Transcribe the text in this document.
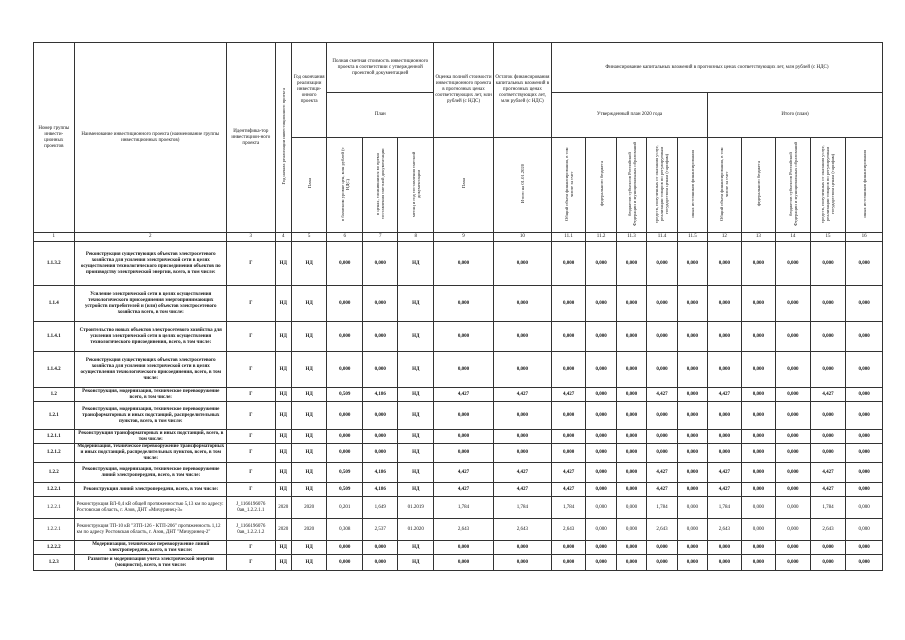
Номер группы инвести-ционных проектов	Наименование инвестиционного проекта (наименование группы инвестиционных проектов)	Идентифика-тор инвестицион-ного проекта	Год начала реализации инвестиционного проекта	Год окончания реализации инвестици-онного проекта	Полная сметная стоимость инвестиционного проекта в соответствии с утвержденной проектной документацией			Оценка полной стоимости инвестиционного проекта в прогнозных ценах соответствующих лет, млн рублей (с НДС)	Остаток финансирования капитальных вложений в прогнозных ценах соответствующих лет, млн рублей (с НДС)	Финансирование капитальных вложений в прогнозных ценах соответствующих лет, млн рублей (с НДС)									
					План					Утвержденный план 2020 года					Итого (план)				
				План	в базисном уровне цен, млн рублей (с НДС)	в ценах, сложившихся во время составления сметной документации	месяц и год составления сметной документации	План	Итого на 01.01.2020	Общий объем финансирования, в том числе за счет	федерального бюджета	бюджетов субъектов Российской Федерации и муниципальных образований	средств, полученных от оказания услуг, реализации товаров по регулируемым государством ценам (тарифам)	иных источников финансирования	Общий объем финансирования, в том числе за счет	федерального бюджета	бюджетов субъектов Российской Федерации и муниципальных образований	средств, полученных от оказания услуг, реализации товаров по регулируемым государством ценам (тарифам)	иных источников финансирования
1	2	3	4	5	6	7	8	9	10	11.1	11.2	11.3	11.4	11.5	12	13	14	15	16
1.1.3.2	Реконструкция существующих объектов электросетевого хозяйства для усиления электрической сети в целях осуществления технологического присоединения объектов по производству электрической энергии, всего, в том числе:	Г	НД	НД	0,000	0,000	НД	0,000	0,000	0,000	0,000	0,000	0,000	0,000	0,000	0,000	0,000	0,000	0,000
1.1.4	Усиление электрической сети в целях осуществления технологического присоединения энергопринимающих устройств потребителей и (или) объектов электросетевого хозяйства всего, в том числе:	Г	НД	НД	0,000	0,000	НД	0,000	0,000	0,000	0,000	0,000	0,000	0,000	0,000	0,000	0,000	0,000	0,000
1.1.4.1	Строительство новых объектов электросетевого хозяйства для усиления электрической сети в целях осуществления технологического присоединения, всего, в том числе:	Г	НД	НД	0,000	0,000	НД	0,000	0,000	0,000	0,000	0,000	0,000	0,000	0,000	0,000	0,000	0,000	0,000
1.1.4.2	Реконструкция существующих объектов электросетевого хозяйства для усиления электрической сети в целях осуществления технологического присоединения, всего, в том числе:	Г	НД	НД	0,000	0,000	НД	0,000	0,000	0,000	0,000	0,000	0,000	0,000	0,000	0,000	0,000	0,000	0,000
1.2	Реконструкция, модернизация, техническое перевооружение всего, в том числе:	Г	НД	НД	0,509	4,186	НД	4,427	4,427	4,427	0,000	0,000	4,427	0,000	4,427	0,000	0,000	4,427	0,000
1.2.1	Реконструкция, модернизация, техническое перевооружение трансформаторных и иных подстанций, распределительных пунктов, всего, в том числе:	Г	НД	НД	0,000	0,000	НД	0,000	0,000	0,000	0,000	0,000	0,000	0,000	0,000	0,000	0,000	0,000	0,000
1.2.1.1	Реконструкция трансформаторных и иных подстанций, всего, в том числе:	Г	НД	НД	0,000	0,000	НД	0,000	0,000	0,000	0,000	0,000	0,000	0,000	0,000	0,000	0,000	0,000	0,000
1.2.1.2	Модернизация, техническое перевооружение трансформаторных и иных подстанций, распределительных пунктов, всего, в том числе:	Г	НД	НД	0,000	0,000	НД	0,000	0,000	0,000	0,000	0,000	0,000	0,000	0,000	0,000	0,000	0,000	0,000
1.2.2	Реконструкция, модернизация, техническое перевооружение линий электропередачи, всего, в том числе:	Г	НД	НД	0,509	4,186	НД	4,427	4,427	4,427	0,000	0,000	4,427	0,000	4,427	0,000	0,000	4,427	0,000
1.2.2.1	Реконструкция линий электропередачи, всего, в том числе:	Г	НД	НД	0,509	4,186	НД	4,427	4,427	4,427	0,000	0,000	4,427	0,000	4,427	0,000	0,000	4,427	0,000
1.2.2.1	Реконструкция ВЛ-0,4 кВ общей протяженностью 5,13 км по адресу: Ростовская область, г. Азов, ДНТ «Мичуринец-3»	J_1166196076 0ав_1.2.2.1.1	2020	2020	0,201	1,649	01.2019	1,784	1,784	1,784	0,000	0,000	1,784	0,000	1,784	0,000	0,000	1,784	0,000
1.2.2.1	Реконструкция ТП-10 кВ "ЗТП-126 - КТП-206" протяженность 1,12 км по адресу Ростовская область, г. Азов, ДНТ "Мичуринец-2"	J_1166196076 0ав_1.2.2.1.2	2020	2020	0,308	2,537	01.2020	2,643	2,643	2,643	0,000	0,000	2,643	0,000	2,643	0,000	0,000	2,643	0,000
1.2.2.2	Модернизация, техническое перевооружение линий электропередачи, всего, в том числе:	Г	НД	НД	0,000	0,000	НД	0,000	0,000	0,000	0,000	0,000	0,000	0,000	0,000	0,000	0,000	0,000	0,000
1.2.3	Развитие и модернизация учета электрической энергии (мощности), всего, в том числе:	Г	НД	НД	0,000	0,000	НД	0,000	0,000	0,000	0,000	0,000	0,000	0,000	0,000	0,000	0,000	0,000	0,000
